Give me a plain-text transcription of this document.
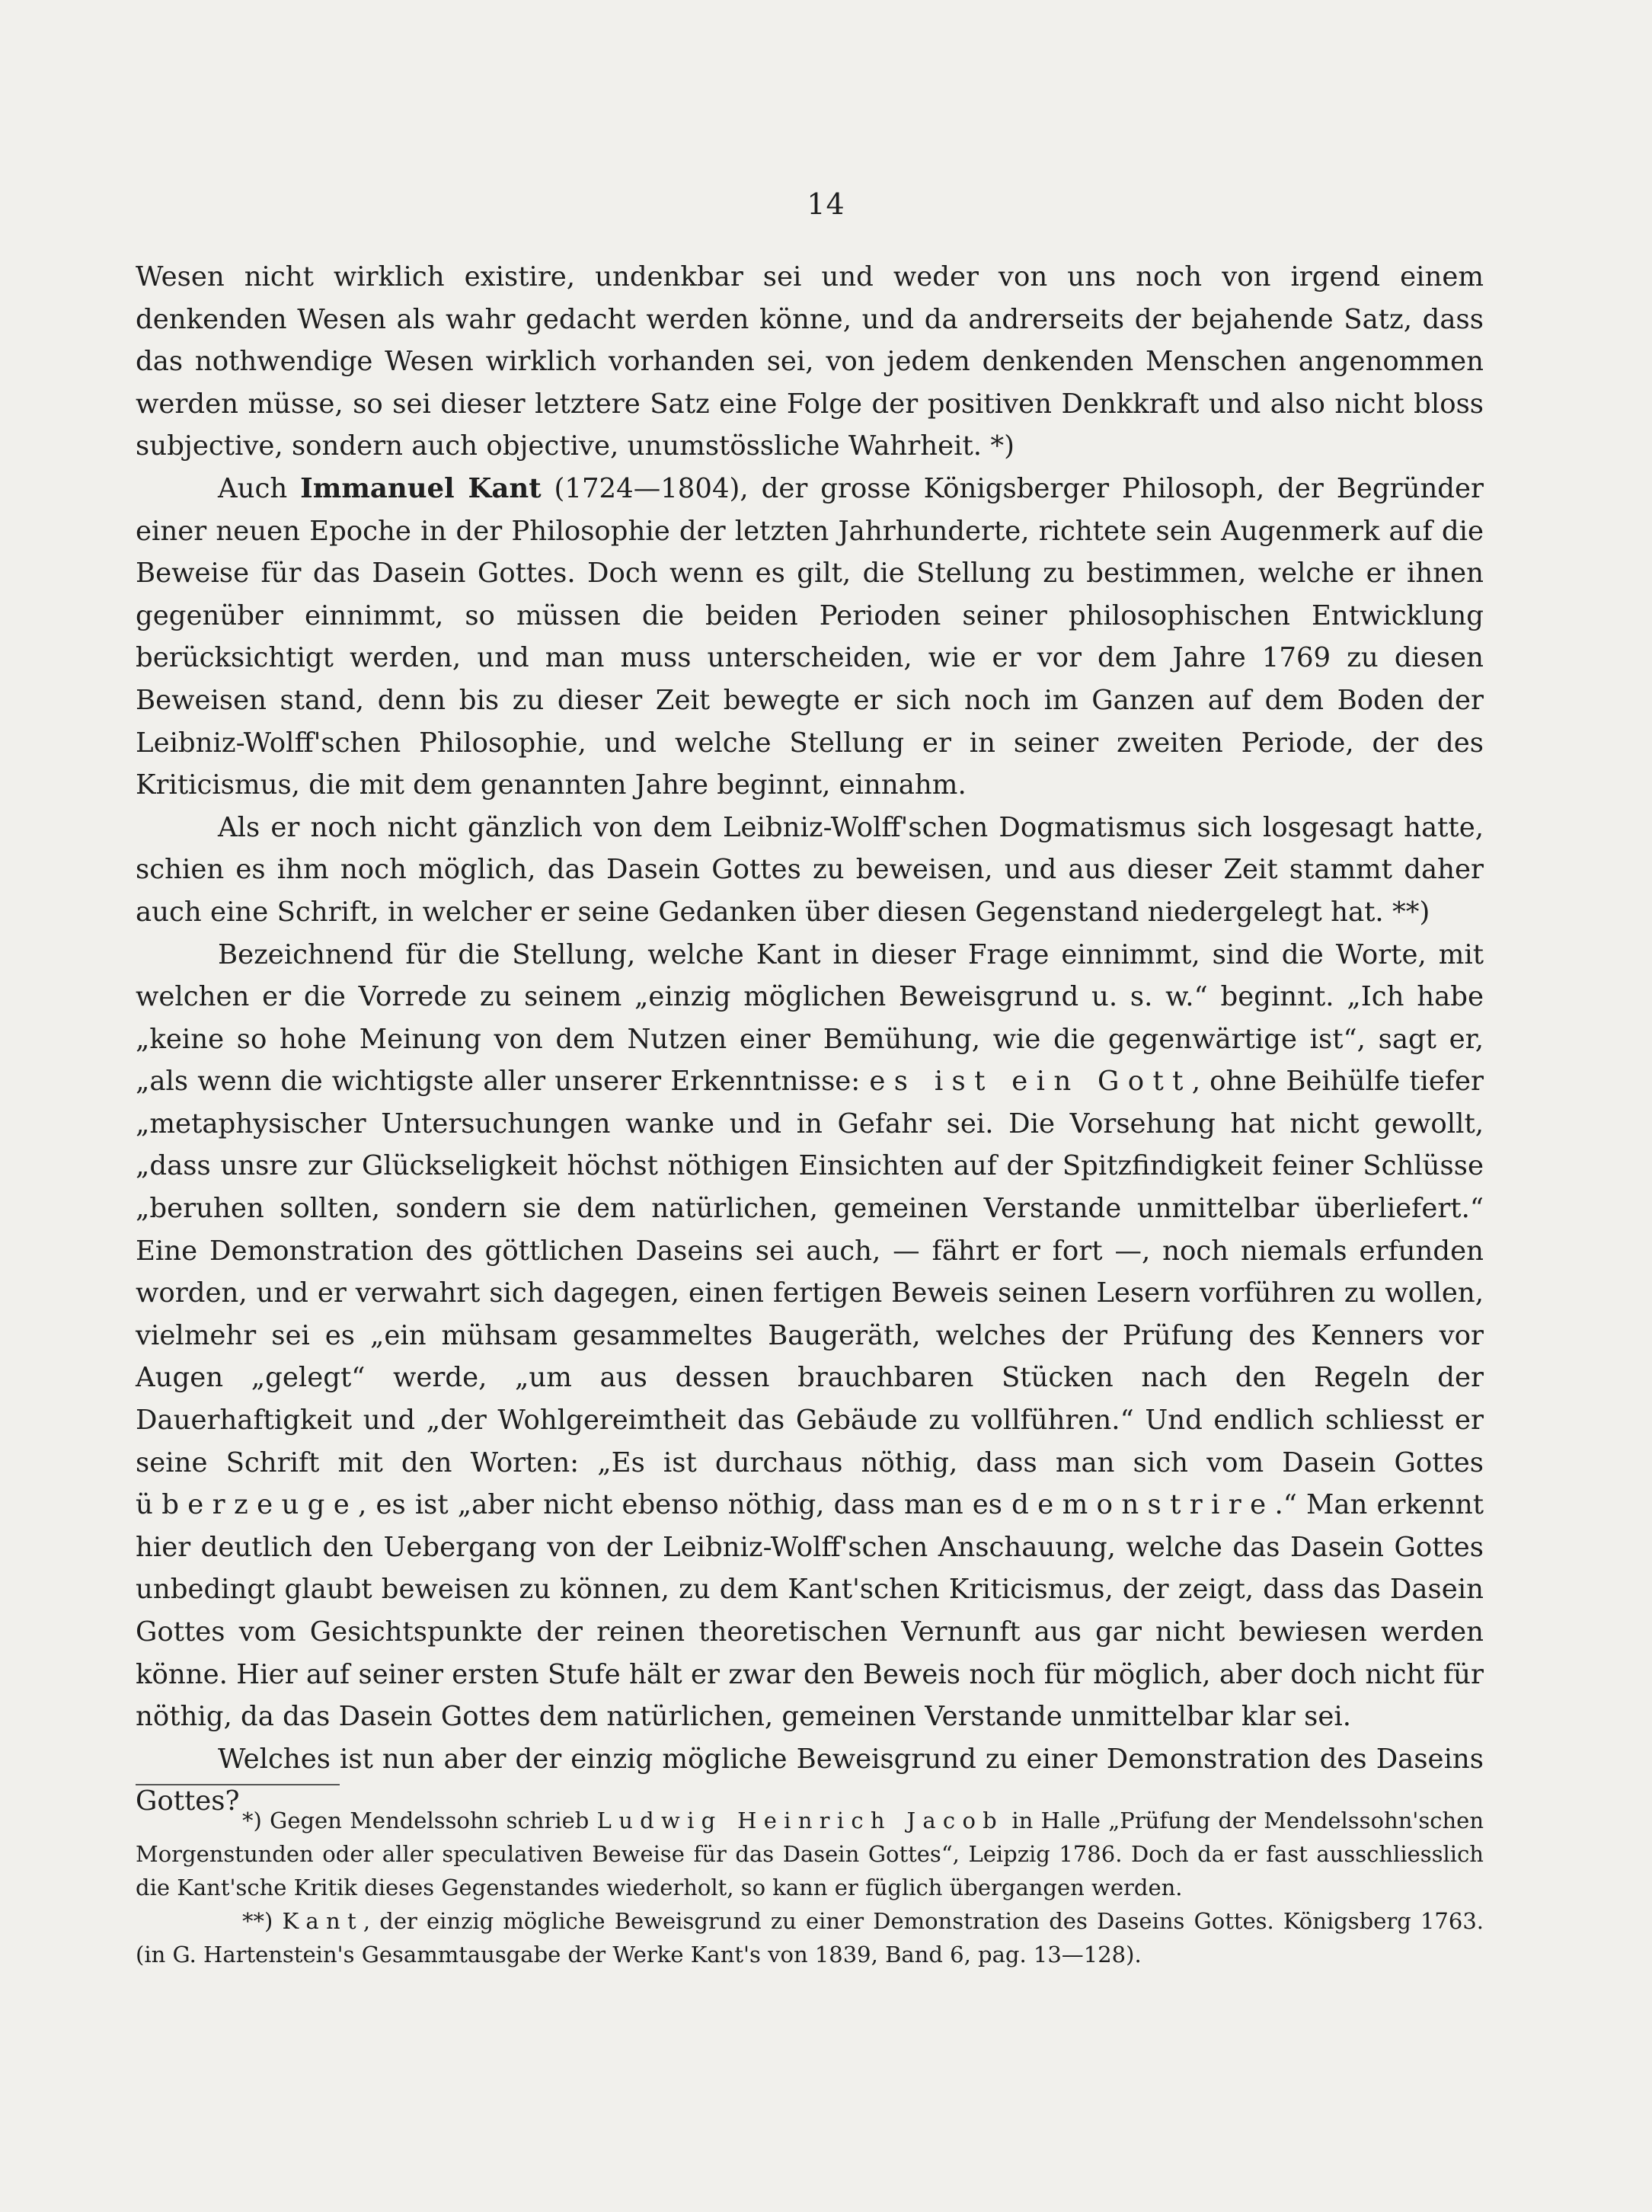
14

Wesen nicht wirklich existire, undenkbar sei und weder von uns noch von irgend einem denkenden Wesen als wahr gedacht werden könne, und da andrerseits der bejahende Satz, dass das nothwendige Wesen wirklich vorhanden sei, von jedem denkenden Menschen angenommen werden müsse, so sei dieser letztere Satz eine Folge der positiven Denkkraft und also nicht bloss subjective, sondern auch objective, unumstössliche Wahrheit. *)

Auch Immanuel Kant (1724—1804), der grosse Königsberger Philosoph, der Begründer einer neuen Epoche in der Philosophie der letzten Jahrhunderte, richtete sein Augenmerk auf die Beweise für das Dasein Gottes. Doch wenn es gilt, die Stellung zu bestimmen, welche er ihnen gegenüber einnimmt, so müssen die beiden Perioden seiner philosophischen Entwicklung berücksichtigt werden, und man muss unterscheiden, wie er vor dem Jahre 1769 zu diesen Beweisen stand, denn bis zu dieser Zeit bewegte er sich noch im Ganzen auf dem Boden der Leibniz-Wolff'schen Philosophie, und welche Stellung er in seiner zweiten Periode, der des Kriticismus, die mit dem genannten Jahre beginnt, einnahm.

Als er noch nicht gänzlich von dem Leibniz-Wolff'schen Dogmatismus sich losgesagt hatte, schien es ihm noch möglich, das Dasein Gottes zu beweisen, und aus dieser Zeit stammt daher auch eine Schrift, in welcher er seine Gedanken über diesen Gegenstand niedergelegt hat. **)

Bezeichnend für die Stellung, welche Kant in dieser Frage einnimmt, sind die Worte, mit welchen er die Vorrede zu seinem „einzig möglichen Beweisgrund u. s. w.“ beginnt. „Ich habe „keine so hohe Meinung von dem Nutzen einer Bemühung, wie die gegenwärtige ist“, sagt er, „als wenn die wichtigste aller unserer Erkenntnisse: es ist ein Gott, ohne Beihülfe tiefer „metaphysischer Untersuchungen wanke und in Gefahr sei. Die Vorsehung hat nicht gewollt, „dass unsre zur Glückseligkeit höchst nöthigen Einsichten auf der Spitzfindigkeit feiner Schlüsse „beruhen sollten, sondern sie dem natürlichen, gemeinen Verstande unmittelbar überliefert.“ Eine Demonstration des göttlichen Daseins sei auch, — fährt er fort —, noch niemals erfunden worden, und er verwahrt sich dagegen, einen fertigen Beweis seinen Lesern vorführen zu wollen, vielmehr sei es „ein mühsam gesammeltes Baugeräth, welches der Prüfung des Kenners vor Augen „gelegt“ werde, „um aus dessen brauchbaren Stücken nach den Regeln der Dauerhaftigkeit und „der Wohlgereimtheit das Gebäude zu vollführen.“ Und endlich schliesst er seine Schrift mit den Worten: „Es ist durchaus nöthig, dass man sich vom Dasein Gottes überzeuge, es ist „aber nicht ebenso nöthig, dass man es demonstrire.“ Man erkennt hier deutlich den Uebergang von der Leibniz-Wolff'schen Anschauung, welche das Dasein Gottes unbedingt glaubt beweisen zu können, zu dem Kant'schen Kriticismus, der zeigt, dass das Dasein Gottes vom Gesichtspunkte der reinen theoretischen Vernunft aus gar nicht bewiesen werden könne. Hier auf seiner ersten Stufe hält er zwar den Beweis noch für möglich, aber doch nicht für nöthig, da das Dasein Gottes dem natürlichen, gemeinen Verstande unmittelbar klar sei.

Welches ist nun aber der einzig mögliche Beweisgrund zu einer Demonstration des Daseins Gottes?

*) Gegen Mendelssohn schrieb Ludwig Heinrich Jacob in Halle „Prüfung der Mendelssohn'schen Morgenstunden oder aller speculativen Beweise für das Dasein Gottes“, Leipzig 1786. Doch da er fast ausschliesslich die Kant'sche Kritik dieses Gegenstandes wiederholt, so kann er füglich übergangen werden.

**) Kant, der einzig mögliche Beweisgrund zu einer Demonstration des Daseins Gottes. Königsberg 1763. (in G. Hartenstein's Gesammtausgabe der Werke Kant's von 1839, Band 6, pag. 13—128).
